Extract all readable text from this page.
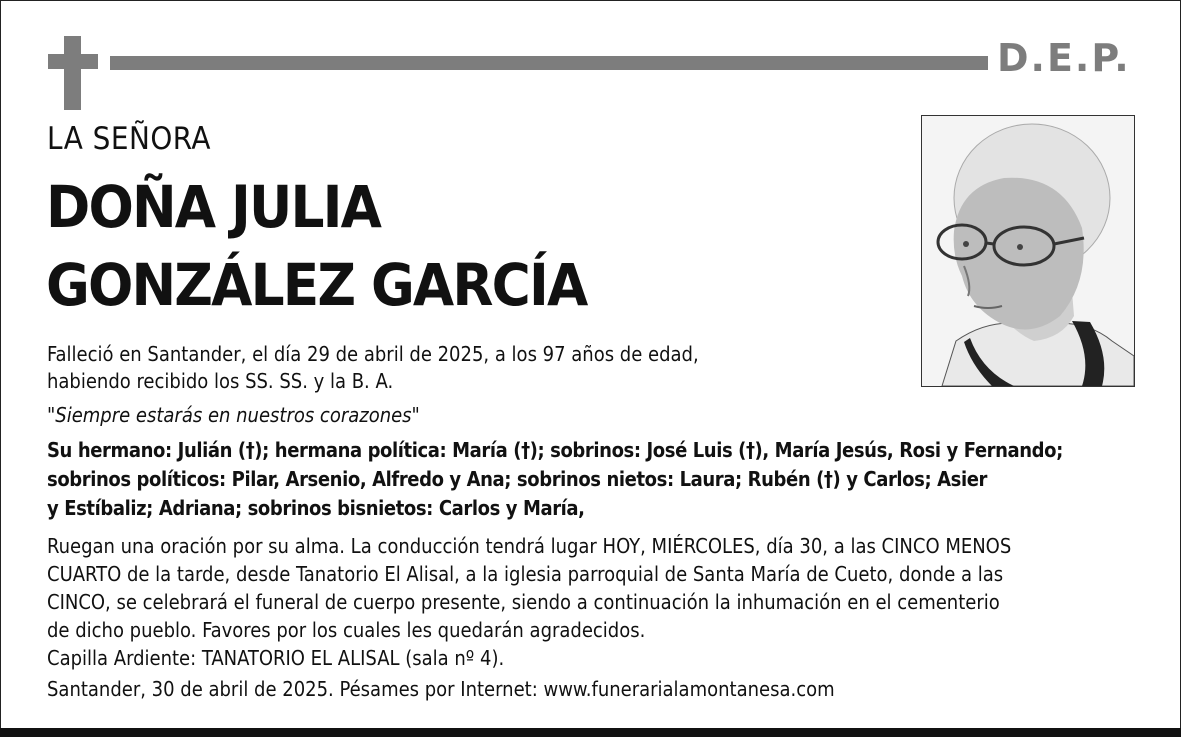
D.E.P.
LA SEÑORA
DOÑA JULIA
GONZÁLEZ GARCÍA
Falleció en Santander, el día 29 de abril de 2025, a los 97 años de edad,
habiendo recibido los SS. SS. y la B. A.
"Siempre estarás en nuestros corazones"
Su hermano: Julián (†); hermana política: María (†); sobrinos: José Luis (†), María Jesús, Rosi y Fernando;
sobrinos políticos: Pilar, Arsenio, Alfredo y Ana; sobrinos nietos: Laura; Rubén (†) y Carlos; Asier
y Estíbaliz; Adriana; sobrinos bisnietos: Carlos y María,
Ruegan una oración por su alma. La conducción tendrá lugar HOY, MIÉRCOLES, día 30, a las CINCO MENOS
CUARTO de la tarde, desde Tanatorio El Alisal, a la iglesia parroquial de Santa María de Cueto, donde a las
CINCO, se celebrará el funeral de cuerpo presente, siendo a continuación la inhumación en el cementerio
de dicho pueblo. Favores por los cuales les quedarán agradecidos.
Capilla Ardiente: TANATORIO EL ALISAL (sala nº 4).
Santander, 30 de abril de 2025. Pésames por Internet: www.funerarialamontanesa.com
